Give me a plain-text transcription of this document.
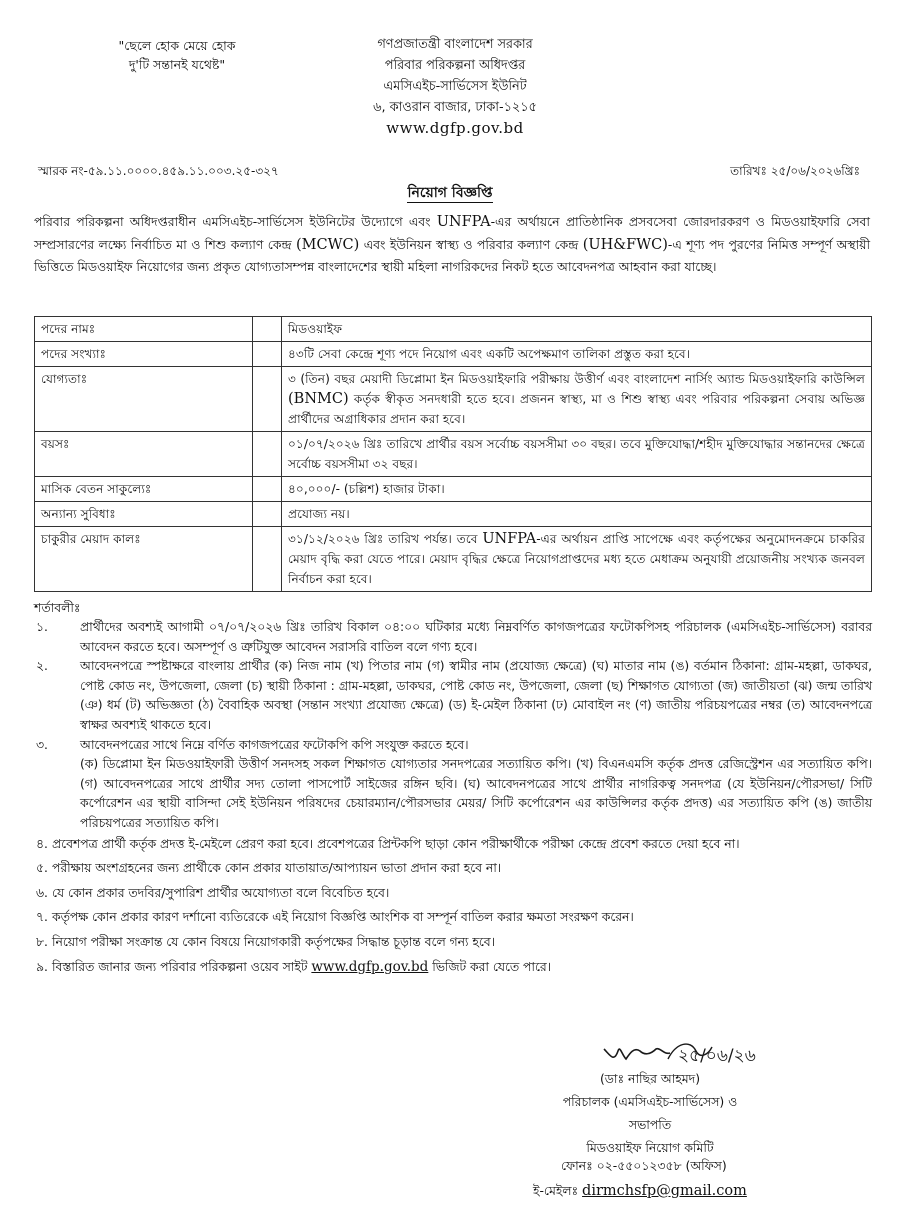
"ছেলে হোক মেয়ে হোক
দু'টি সন্তানই যথেষ্ট"
গণপ্রজাতন্ত্রী বাংলাদেশ সরকার
পরিবার পরিকল্পনা অধিদপ্তর
এমসিএইচ-সার্ভিসেস ইউনিট
৬, কাওরান বাজার, ঢাকা-১২১৫
www.dgfp.gov.bd
স্মারক নং-৫৯.১১.০০০০.৪৫৯.১১.০০৩.২৫-৩২৭	তারিখঃ ২৫/০৬/২০২৬খ্রিঃ
নিয়োগ বিজ্ঞপ্তি
পরিবার পরিকল্পনা অধিদপ্তরাধীন এমসিএইচ-সার্ভিসেস ইউনিটের উদ্যোগে এবং UNFPA-এর অর্থায়নে প্রাতিষ্ঠানিক প্রসবসেবা জোরদারকরণ ও মিডওয়াইফারি সেবা সম্প্রসারণের লক্ষ্যে নির্বাচিত মা ও শিশু কল্যাণ কেন্দ্র (MCWC) এবং ইউনিয়ন স্বাস্থ্য ও পরিবার কল্যাণ কেন্দ্র (UH&FWC)-এ শূণ্য পদ পুরণের নিমিত্ত সম্পূর্ণ অস্থায়ী ভিত্তিতে মিডওয়াইফ নিয়োগের জন্য প্রকৃত যোগ্যতাসম্পন্ন বাংলাদেশের স্থায়ী মহিলা নাগরিকদের নিকট হতে আবেদনপত্র আহবান করা যাচ্ছে।
পদের নামঃ		মিডওয়াইফ
পদের সংখ্যাঃ		৪৩টি সেবা কেন্দ্রে শূণ্য পদে নিয়োগ এবং একটি অপেক্ষমাণ তালিকা প্রস্তুত করা হবে।
যোগ্যতাঃ		৩ (তিন) বছর মেয়াদী ডিপ্লোমা ইন মিডওয়াইফারি পরীক্ষায় উত্তীর্ণ এবং বাংলাদেশ নার্সিং অ্যান্ড মিডওয়াইফারি কাউন্সিল (BNMC) কর্তৃক স্বীকৃত সনদধারী হতে হবে। প্রজনন স্বাস্থ্য, মা ও শিশু স্বাস্থ্য এবং পরিবার পরিকল্পনা সেবায় অভিজ্ঞ প্রার্থীদের অগ্রাধিকার প্রদান করা হবে।
বয়সঃ		০১/০৭/২০২৬ খ্রিঃ তারিখে প্রার্থীর বয়স সর্বোচ্চ বয়সসীমা ৩০ বছর। তবে মুক্তিযোদ্ধা/শহীদ মুক্তিযোদ্ধার সন্তানদের ক্ষেত্রে সর্বোচ্চ বয়সসীমা ৩২ বছর।
মাসিক বেতন সাকুল্যেঃ		৪০,০০০/- (চল্লিশ) হাজার টাকা।
অন্যান্য সুবিধাঃ		প্রযোজ্য নয়।
চাকুরীর মেয়াদ কালঃ		৩১/১২/২০২৬ খ্রিঃ তারিখ পর্যন্ত। তবে UNFPA-এর অর্থায়ন প্রাপ্তি সাপেক্ষে এবং কর্তৃপক্ষের অনুমোদনক্রমে চাকরির মেয়াদ বৃদ্ধি করা যেতে পারে। মেয়াদ বৃদ্ধির ক্ষেত্রে নিয়োগপ্রাপ্তদের মধ্য হতে মেধাক্রম অনুযায়ী প্রয়োজনীয় সংখ্যক জনবল নির্বাচন করা হবে।
শর্তাবলীঃ
১.	প্রার্থীদের অবশ্যই আগামী ০৭/০৭/২০২৬ খ্রিঃ তারিখ বিকাল ০৪:০০ ঘটিকার মধ্যে নিম্নবর্ণিত কাগজপত্রের ফটোকপিসহ পরিচালক (এমসিএইচ-সার্ভিসেস) বরাবর আবেদন করতে হবে। অসম্পূর্ণ ও ত্রুটিযুক্ত আবেদন সরাসরি বাতিল বলে গণ্য হবে।
২.	আবেদনপত্রে স্পষ্টাক্ষরে বাংলায় প্রার্থীর (ক) নিজ নাম (খ) পিতার নাম (গ) স্বামীর নাম (প্রযোজ্য ক্ষেত্রে) (ঘ) মাতার নাম (ঙ) বর্তমান ঠিকানা: গ্রাম-মহল্লা, ডাকঘর, পোষ্ট কোড নং, উপজেলা, জেলা (চ) স্থায়ী ঠিকানা : গ্রাম-মহল্লা, ডাকঘর, পোষ্ট কোড নং, উপজেলা, জেলা (ছ) শিক্ষাগত যোগ্যতা (জ) জাতীয়তা (ঝ) জন্ম তারিখ (ঞ) ধর্ম (ট) অভিজ্ঞতা (ঠ) বৈবাহিক অবস্থা (সন্তান সংখ্যা প্রযোজ্য ক্ষেত্রে) (ড) ই-মেইল ঠিকানা (ঢ) মোবাইল নং (ণ) জাতীয় পরিচয়পত্রের নম্বর (ত) আবেদনপত্রে স্বাক্ষর অবশ্যই থাকতে হবে।
৩.	আবেদনপত্রের সাথে নিম্নে বর্ণিত কাগজপত্রের ফটোকপি কপি সংযুক্ত করতে হবে।
(ক) ডিপ্লোমা ইন মিডওয়াইফারী উত্তীর্ণ সনদসহ সকল শিক্ষাগত যোগ্যতার সনদপত্রের সত্যায়িত কপি। (খ) বিএনএমসি কর্তৃক প্রদত্ত রেজিস্ট্রেশন এর সত্যায়িত কপি। (গ) আবেদনপত্রের সাথে প্রার্থীর সদ্য তোলা পাসপোর্ট সাইজের রঙ্গিন ছবি। (ঘ) আবেদনপত্রের সাথে প্রার্থীর নাগরিকত্ব সনদপত্র (যে ইউনিয়ন/পৌরসভা/ সিটি কর্পোরেশন এর স্থায়ী বাসিন্দা সেই ইউনিয়ন পরিষদের চেয়ারম্যান/পৌরসভার মেয়র/ সিটি কর্পোরেশন এর কাউন্সিলর কর্তৃক প্রদত্ত) এর সত্যায়িত কপি (ঙ) জাতীয় পরিচয়পত্রের সত্যায়িত কপি।
৪. প্রবেশপত্র প্রার্থী কর্তৃক প্রদত্ত ই-মেইলে প্রেরণ করা হবে। প্রবেশপত্রের প্রিন্টকপি ছাড়া কোন পরীক্ষার্থীকে পরীক্ষা কেন্দ্রে প্রবেশ করতে দেয়া হবে না।
৫. পরীক্ষায় অংশগ্রহনের জন্য প্রার্থীকে কোন প্রকার যাতায়াত/আপ্যায়ন ভাতা প্রদান করা হবে না।
৬. যে কোন প্রকার তদবির/সুপারিশ প্রার্থীর অযোগ্যতা বলে বিবেচিত হবে।
৭. কর্তৃপক্ষ কোন প্রকার কারণ দর্শানো ব্যতিরেকে এই নিয়োগ বিজ্ঞপ্তি আংশিক বা সম্পূর্ন বাতিল করার ক্ষমতা সংরক্ষণ করেন।
৮. নিয়োগ পরীক্ষা সংক্রান্ত যে কোন বিষয়ে নিয়োগকারী কর্তৃপক্ষের সিদ্ধান্ত চূড়ান্ত বলে গন্য হবে।
৯. বিস্তারিত জানার জন্য পরিবার পরিকল্পনা ওয়েব সাইট www.dgfp.gov.bd ভিজিট করা যেতে পারে।
২৫/০৬/২৬
(ডাঃ নাছির আহমদ)
পরিচালক (এমসিএইচ-সার্ভিসেস) ও
সভাপতি
মিডওয়াইফ নিয়োগ কমিটি
ফোনঃ ০২-৫৫০১২৩৫৮ (অফিস)
ই-মেইলঃ dirmchsfp@gmail.com
